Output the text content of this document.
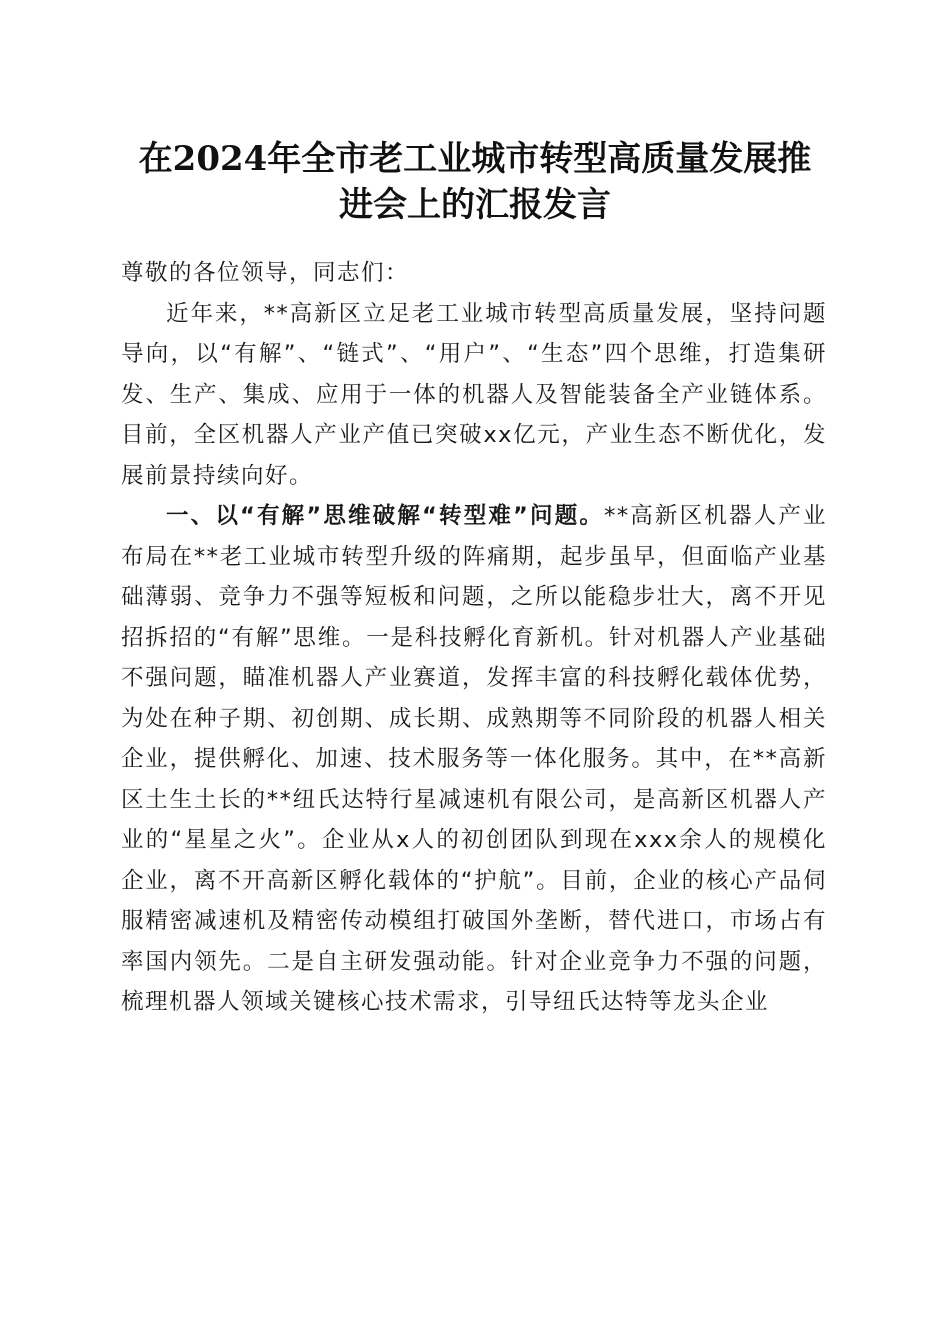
在2024年全市老工业城市转型高质量发展推
进会上的汇报发言

尊敬的各位领导，同志们：

近年来，**高新区立足老工业城市转型高质量发展，坚持问题导向，以“有解”、“链式”、“用户”、“生态”四个思维，打造集研发、生产、集成、应用于一体的机器人及智能装备全产业链体系。目前，全区机器人产业产值已突破xx亿元，产业生态不断优化，发展前景持续向好。

一、以“有解”思维破解“转型难”问题。**高新区机器人产业布局在**老工业城市转型升级的阵痛期，起步虽早，但面临产业基础薄弱、竞争力不强等短板和问题，之所以能稳步壮大，离不开见招拆招的“有解”思维。一是科技孵化育新机。针对机器人产业基础不强问题，瞄准机器人产业赛道，发挥丰富的科技孵化载体优势，为处在种子期、初创期、成长期、成熟期等不同阶段的机器人相关企业，提供孵化、加速、技术服务等一体化服务。其中，在**高新区土生土长的**纽氏达特行星减速机有限公司，是高新区机器人产业的“星星之火”。企业从x人的初创团队到现在xxx余人的规模化企业，离不开高新区孵化载体的“护航”。目前，企业的核心产品伺服精密减速机及精密传动模组打破国外垄断，替代进口，市场占有率国内领先。二是自主研发强动能。针对企业竞争力不强的问题，梳理机器人领域关键核心技术需求，引导纽氏达特等龙头企业
